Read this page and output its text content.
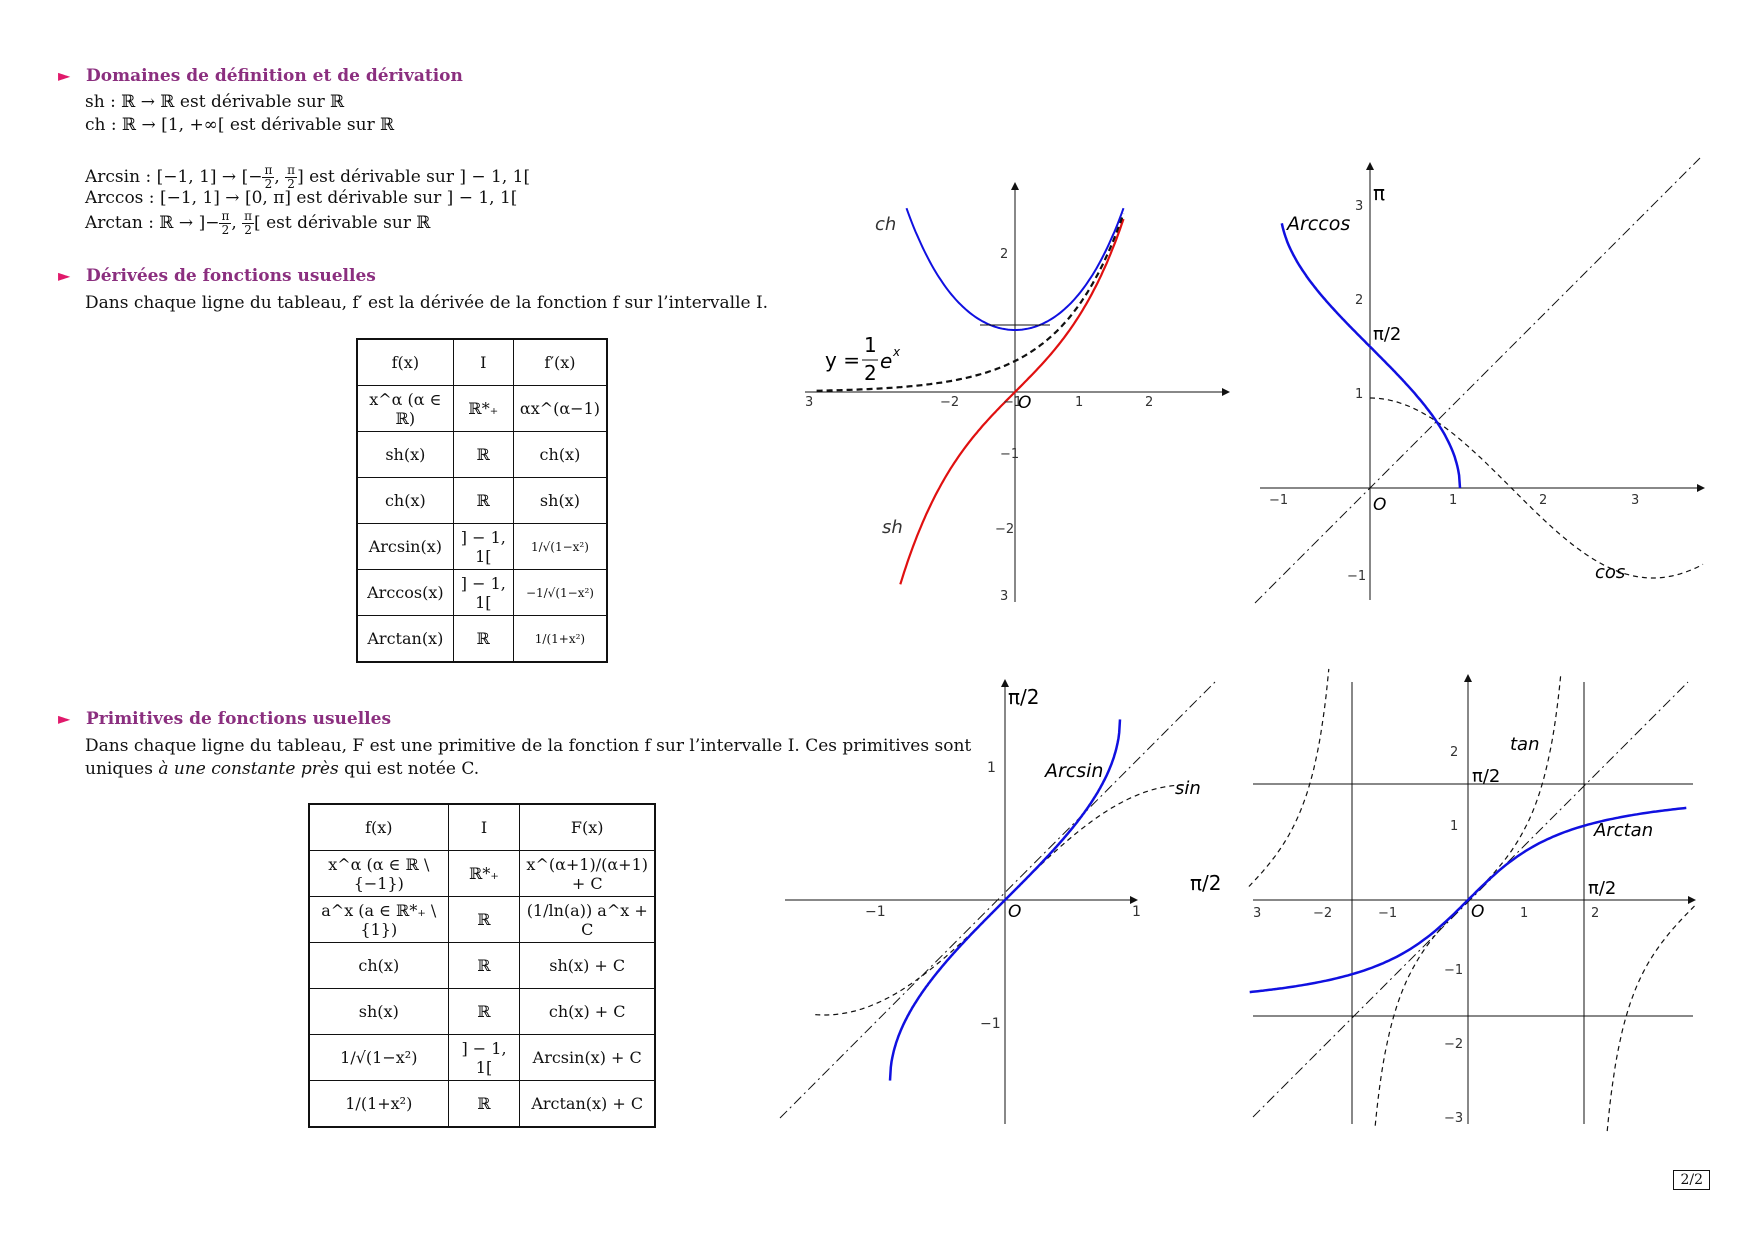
► Domaines de définition et de dérivation
sh : ℝ → ℝ est dérivable sur ℝ
ch : ℝ → [1, +∞[ est dérivable sur ℝ
Arcsin : [−1, 1] → [− $\frac{\pi}{2}$ , $\frac{\pi}{2}$ ] est dérivable sur ] − 1, 1[
Arccos : [−1, 1] → [0, π] est dérivable sur ] − 1, 1[
Arctan : ℝ → ]− $\frac{\pi}{2}$ , $\frac{\pi}{2}$ [ est dérivable sur ℝ
► Dérivées de fonctions usuelles
Dans chaque ligne du tableau, f′ est la dérivée de la fonction f sur l’intervalle I.
f(x)	I	f′(x)
x^α (α ∈ ℝ)	ℝ*₊	αx^(α−1)
sh(x)	ℝ	ch(x)
ch(x)	ℝ	sh(x)
Arcsin(x)	] − 1, 1[	1/√(1−x²)
Arccos(x)	] − 1, 1[	−1/√(1−x²)
Arctan(x)	ℝ	1/(1+x²)
► Primitives de fonctions usuelles
Dans chaque ligne du tableau, F est une primitive de la fonction f sur l’intervalle I. Ces primitives sont
uniques à une constante près qui est notée C.
f(x)	I	F(x)
x^α (α ∈ ℝ \ {−1})	ℝ*₊	x^(α+1)/(α+1) + C
a^x (a ∈ ℝ*₊ \ {1})	ℝ	(1/ln(a)) a^x + C
ch(x)	ℝ	sh(x) + C
sh(x)	ℝ	ch(x) + C
1/√(1−x²)	] − 1, 1[	Arcsin(x) + C
1/(1+x²)	ℝ	Arctan(x) + C
−2	−1	1	2
2
−1
−2
3
3
O
ch
sh
y =
1
2 e x
−1	1	2	3
3
2
1
−1
O
π
π/2
Arccos
cos
−1	1
1
−1
O
π/2
π/2
Arcsin
sin
−2	−1	1	2
2
1
−1
−2
−3
3	O
π/2
π/2
tan
Arctan
2/2
